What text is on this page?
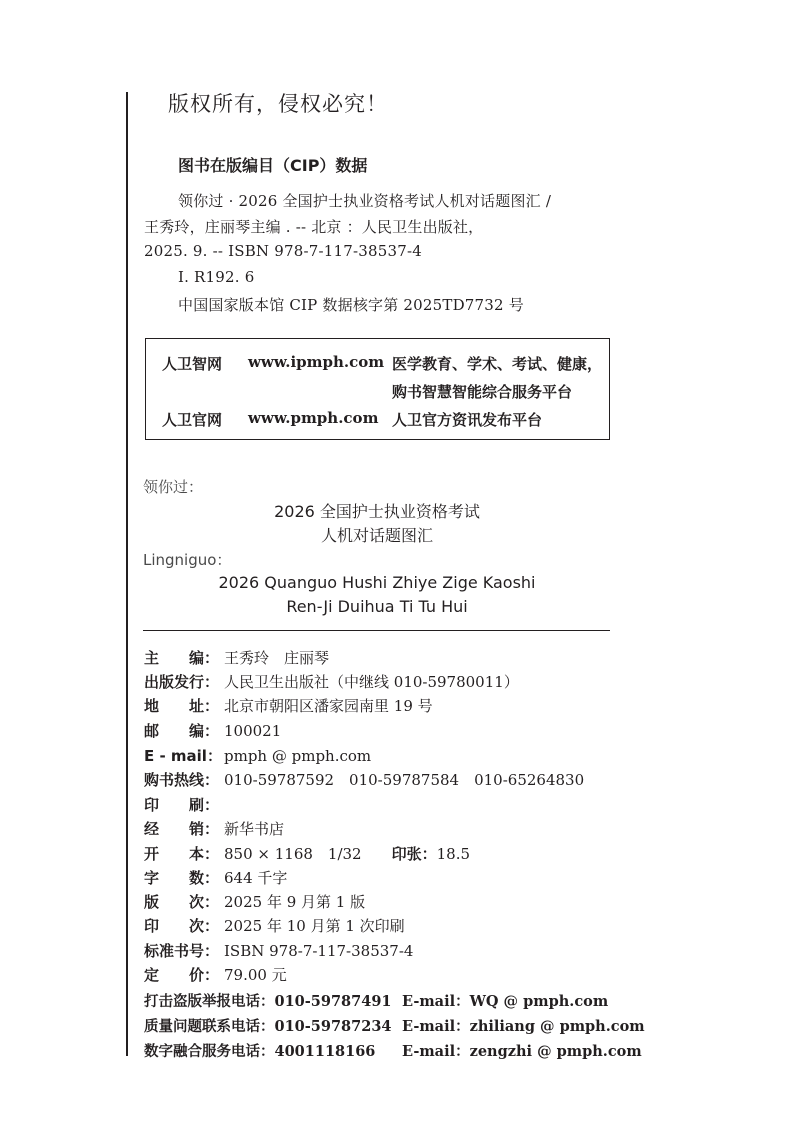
版权所有，侵权必究！
图书在版编目（CIP）数据
领你过 · 2026 全国护士执业资格考试人机对话题图汇 /
王秀玲，庄丽琴主编 . -- 北京 ：人民卫生出版社，
2025. 9. -- ISBN 978-7-117-38537-4
Ⅰ. R192. 6
中国国家版本馆 CIP 数据核字第 2025TD7732 号
人卫智网 www.ipmph.com 医学教育、学术、考试、健康，
购书智慧智能综合服务平台
人卫官网 www.pmph.com 人卫官方资讯发布平台
领你过：
2026 全国护士执业资格考试
人机对话题图汇
Lingniguo：
2026 Quanguo Hushi Zhiye Zige Kaoshi
Ren-Ji Duihua Ti Tu Hui
主　　编： 王秀玲　庄丽琴
出版发行： 人民卫生出版社（中继线 010-59780011）
地　　址： 北京市朝阳区潘家园南里 19 号
邮　　编： 100021
E - mail： pmph @ pmph.com
购书热线： 010-59787592　010-59787584　010-65264830
印　　刷：
经　　销： 新华书店
开　　本： 850 × 1168　1/32 印张：18.5
字　　数： 644 千字
版　　次： 2025 年 9 月第 1 版
印　　次： 2025 年 10 月第 1 次印刷
标准书号： ISBN 978-7-117-38537-4
定　　价： 79.00 元
打击盗版举报电话：010-59787491 E-mail：WQ @ pmph.com
质量问题联系电话：010-59787234 E-mail：zhiliang @ pmph.com
数字融合服务电话：4001118166 E-mail：zengzhi @ pmph.com
